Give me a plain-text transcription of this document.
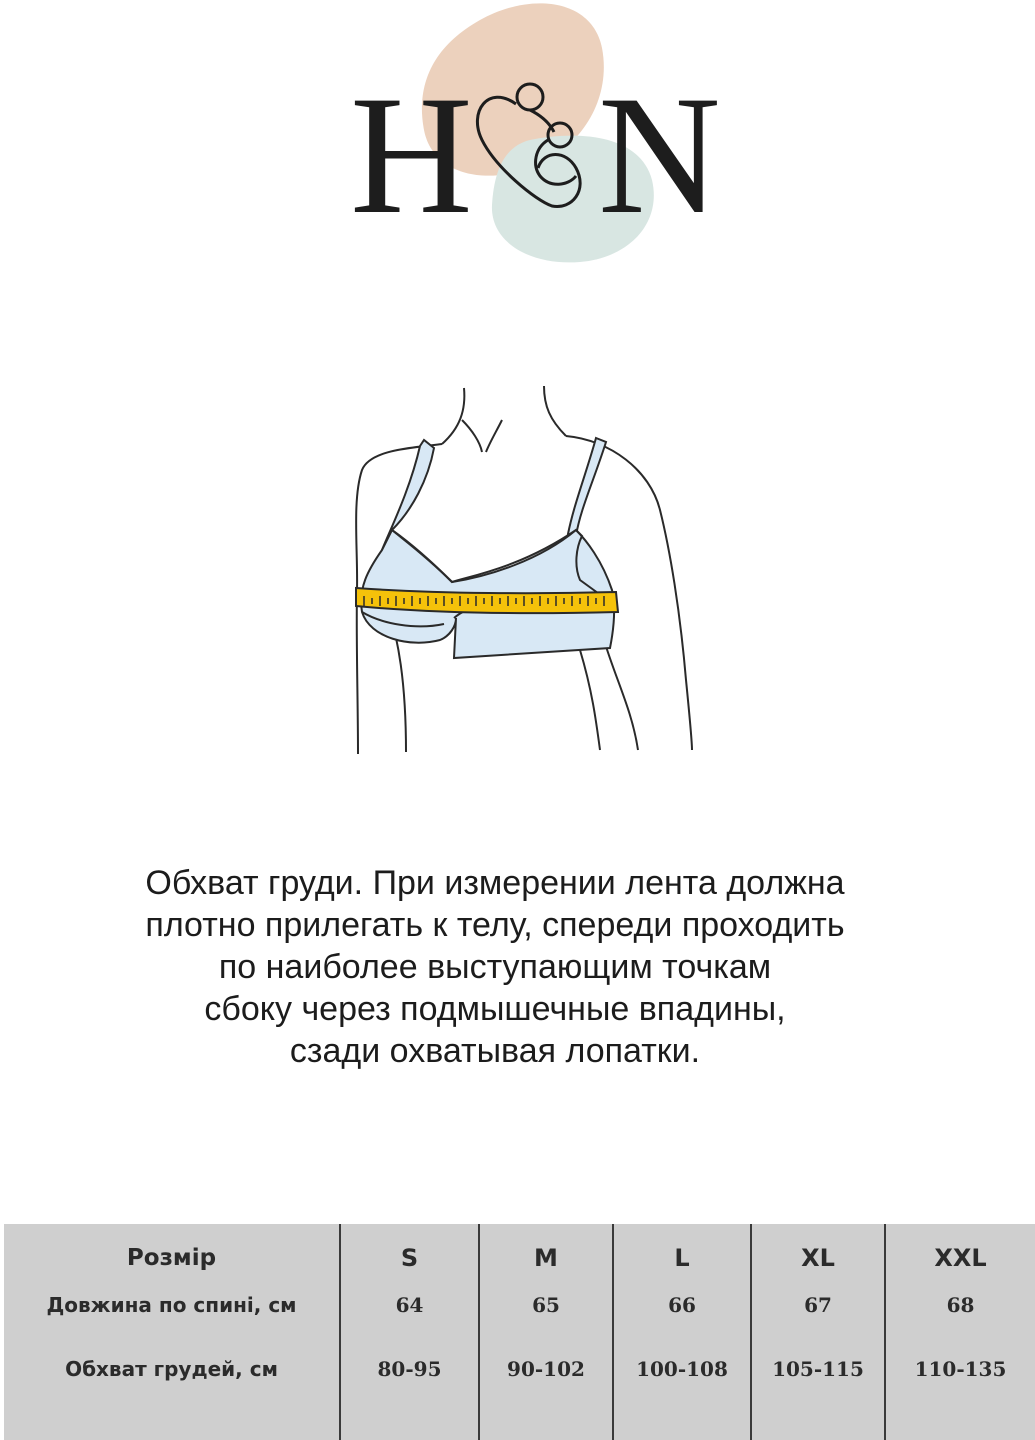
H N
Обхват груди. При измерении лента должна
плотно прилегать к телу, спереди проходить
по наиболее выступающим точкам
сбоку через подмышечные впадины,
сзади охватывая лопатки.
Розмір	S	M	L	XL	XXL
Довжина по спині, см	64	65	66	67	68
Обхват грудей, см	80-95	90-102	100-108	105-115	110-135
